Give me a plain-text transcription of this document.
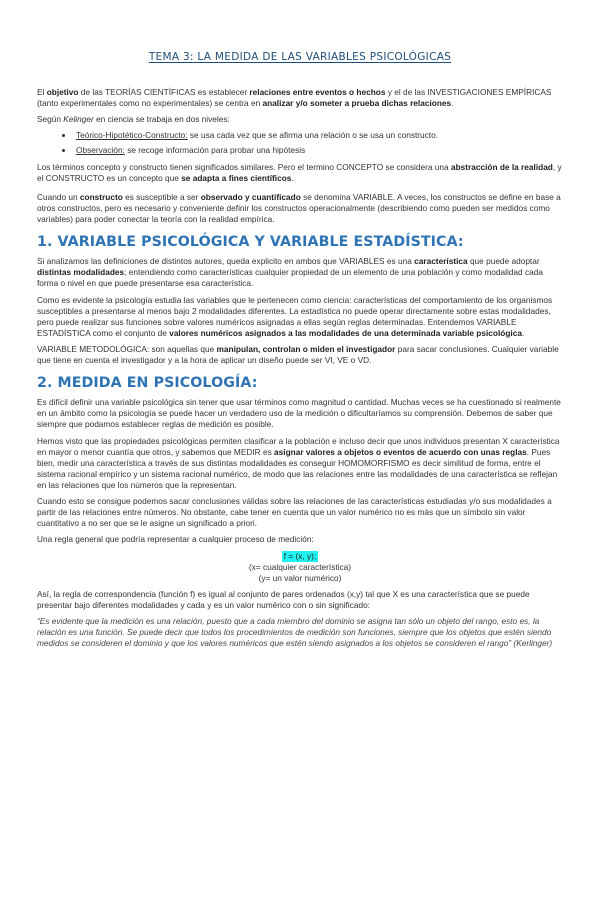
TEMA 3: LA MEDIDA DE LAS VARIABLES PSICOLÓGICAS

El objetivo de las TEORÍAS CIENTÍFICAS es establecer relaciones entre eventos o hechos y el de las INVESTIGACIONES EMPÍRICAS (tanto experimentales como no experimentales) se centra en analizar y/o someter a prueba dichas relaciones.

Según Kelinger en ciencia se trabaja en dos niveles:

• Teórico-Hipotético-Constructo: se usa cada vez que se afirma una relación o se usa un constructo.
• Observación: se recoge información para probar una hipótesis

Los términos concepto y constructo tienen significados similares. Pero el termino CONCEPTO se considera una abstracción de la realidad, y el CONSTRUCTO es un concepto que se adapta a fines científicos.

Cuando un constructo es susceptible a ser observado y cuantificado se denomina VARIABLE. A veces, los constructos se define en base a otros constructos, pero es necesario y conveniente definir los constructos operacionalmente (describiendo como pueden ser medidos como variables) para poder conectar la teoría con la realidad empírica.

1. VARIABLE PSICOLÓGICA Y VARIABLE ESTADÍSTICA:

Si analizamos las definiciones de distintos autores, queda explicito en ambos que VARIABLES es una característica que puede adoptar distintas modalidades; entendiendo como características cualquier propiedad de un elemento de una población y como modalidad cada forma o nivel en que puede presentarse esa característica.

Como es evidente la psicología estudia las variables que le pertenecen como ciencia: características del comportamiento de los organismos susceptibles a presentarse al menos bajo 2 modalidades diferentes. La estadística no puede operar directamente sobre estas modalidades, pero puede realizar sus funciones sobre valores numéricos asignadas a ellas según reglas determinadas. Entendemos VARIABLE ESTADÍSTICA como el conjunto de valores numéricos asignados a las modalidades de una determinada variable psicológica.

VARIABLE METODOLÓGICA: son aquellas que manipulan, controlan o miden el investigador para sacar conclusiones. Cualquier variable que tiene en cuenta el investigador y a la hora de aplicar un diseño puede ser VI, VE o VD.

2. MEDIDA EN PSICOLOGÍA:

Es difícil definir una variable psicológica sin tener que usar términos como magnitud o cantidad. Muchas veces se ha cuestionado si realmente en un ámbito como la psicología se puede hacer un verdadero uso de la medición o dificultaríamos su comprensión. Debemos de saber que siempre que podamos establecer reglas de medición es posible.

Hemos visto que las propiedades psicológicas permiten clasificar a la población e incluso decir que unos individuos presentan X característica en mayor o menor cuantía que otros, y sabemos que MEDIR es asignar valores a objetos o eventos de acuerdo con unas reglas. Pues bien, medir una característica a través de sus distintas modalidades es conseguir HOMOMORFISMO es decir similitud de forma, entre el sistema racional empírico y un sistema racional numérico, de modo que las relaciones entre las modalidades de una característica se reflejan en las relaciones que los números que la representan.

Cuando esto se consigue podemos sacar conclusiones válidas sobre las relaciones de las características estudiadas y/o sus modalidades a partir de las relaciones entre números. No obstante, cabe tener en cuenta que un valor numérico no es más que un símbolo sin valor cuantitativo a no ser que se le asigne un significado a priori.

Una regla general que podría representar a cualquier proceso de medición:

f = (x, y);

(x= cualquier característica)

(y= un valor numérico)

Así, la regla de correspondencia (función f) es igual al conjunto de pares ordenados (x,y) tal que X es una característica que se puede presentar bajo diferentes modalidades y cada y es un valor numérico con o sin significado:

“Es evidente que la medición es una relación, puesto que a cada miembro del dominio se asigna tan sólo un objeto del rango, esto es, la relación es una función. Se puede decir que todos los procedimientos de medición son funciones, siempre que los objetos que estén siendo medidos se consideren el dominio y que los valores numéricos que estén siendo asignados a los objetos se consideren el rango” (Kerlinger)
